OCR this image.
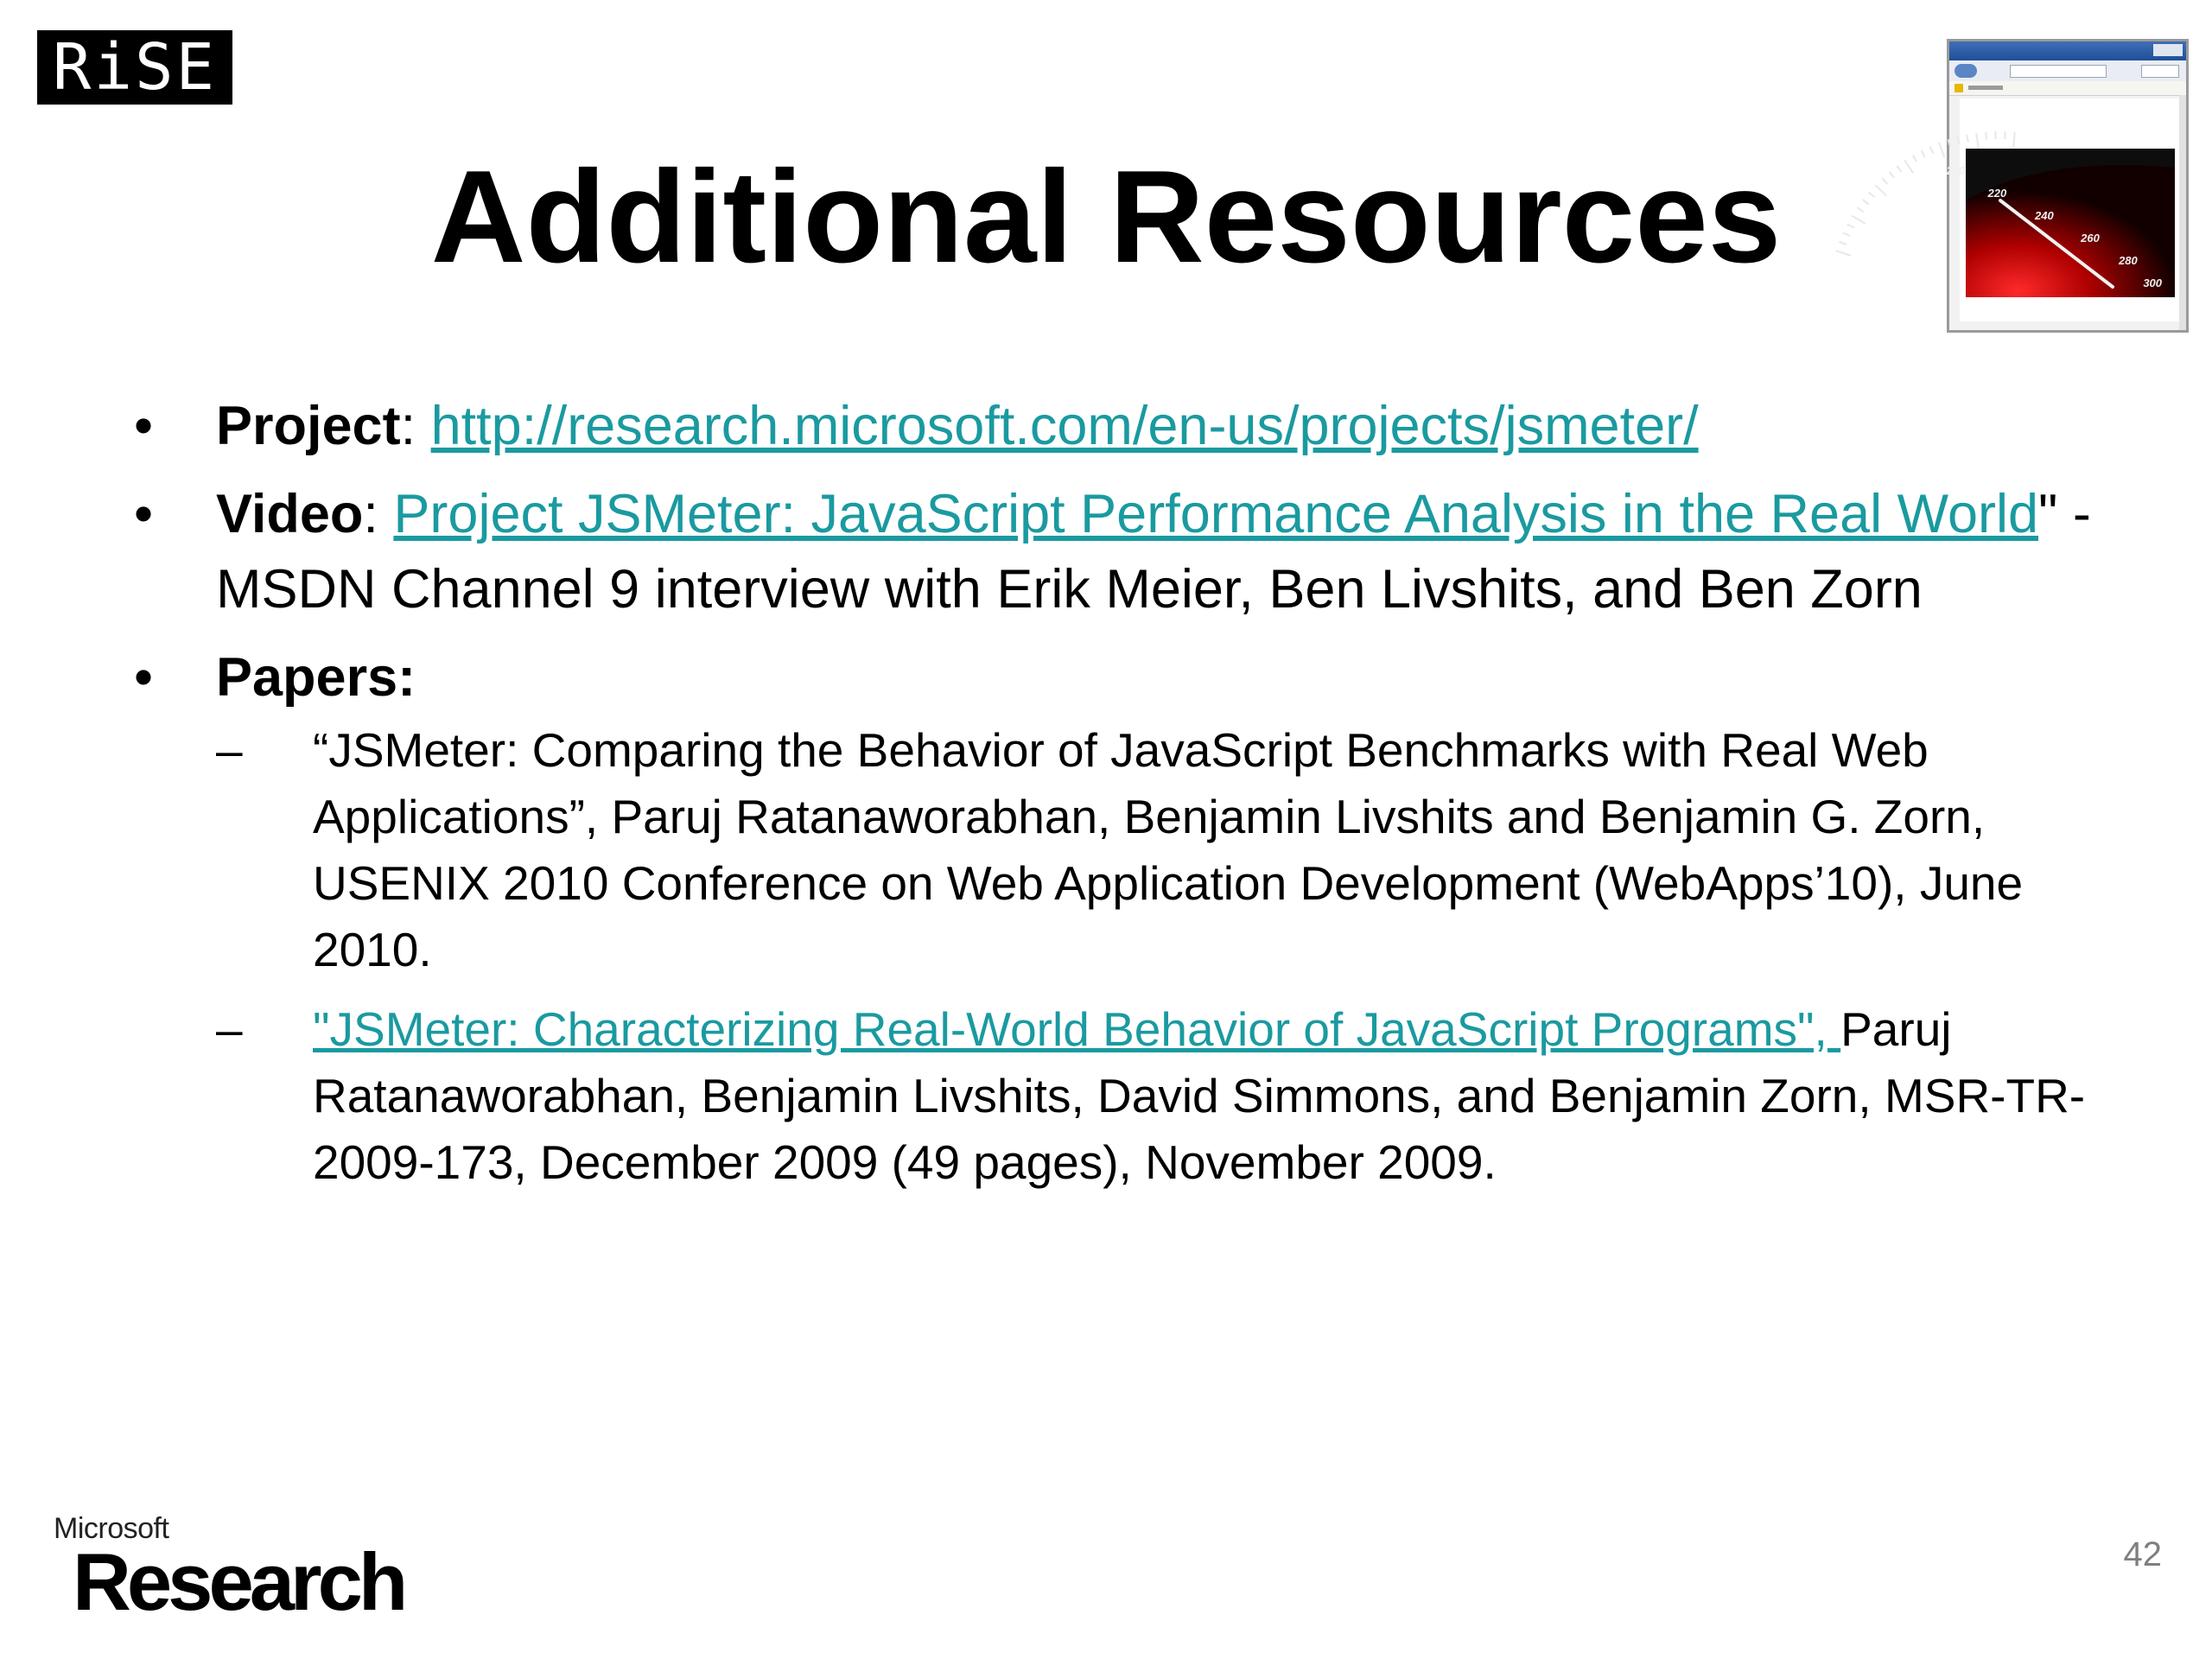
RiSE
Additional Resources	200
220
240
260
280
300
• Project: http://research.microsoft.com/en-us/projects/jsmeter/
• Video: Project JSMeter: JavaScript Performance Analysis in the Real World" - MSDN Channel 9 interview with Erik Meier, Ben Livshits, and Ben Zorn
• Papers:
– “JSMeter: Comparing the Behavior of JavaScript Benchmarks with Real Web Applications”, Paruj Ratanaworabhan, Benjamin Livshits and Benjamin G. Zorn, USENIX 2010 Conference on Web Application Development (WebApps’10), June 2010.
– "JSMeter: Characterizing Real-World Behavior of JavaScript Programs", Paruj Ratanaworabhan, Benjamin Livshits, David Simmons, and Benjamin Zorn, MSR-TR-2009-173, December 2009 (49 pages), November 2009.
Microsoft
Research	42
